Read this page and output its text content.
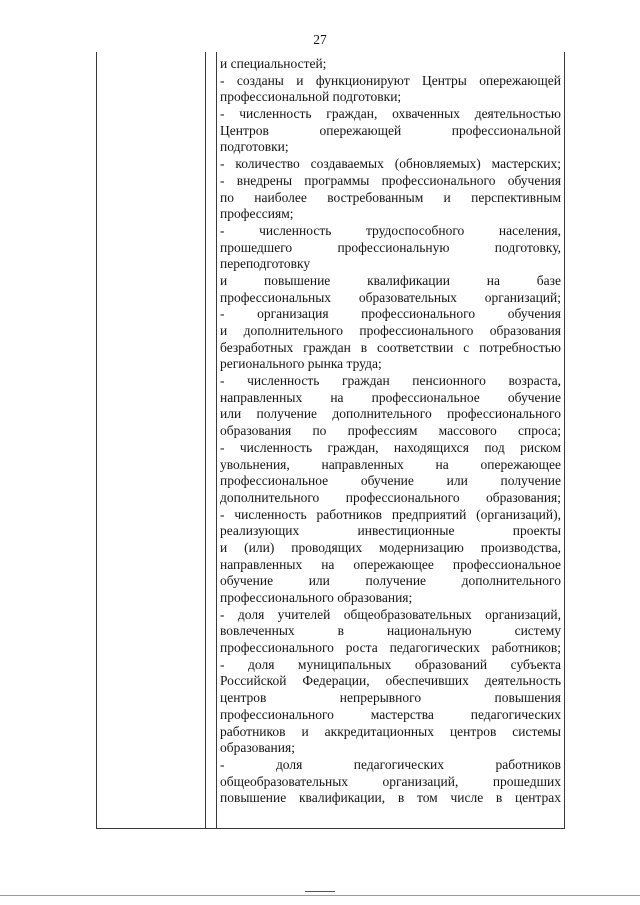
27
и специальностей;
- созданы и функционируют Центры опережающей
профессиональной подготовки;
- численность граждан, охваченных деятельностью
Центров опережающей профессиональной
подготовки;
- количество создаваемых (обновляемых) мастерских;
- внедрены программы профессионального обучения
по наиболее востребованным и перспективным
профессиям;
- численность трудоспособного населения,
прошедшего профессиональную подготовку,
переподготовку
и повышение квалификации на базе
профессиональных образовательных организаций;
- организация профессионального обучения
и дополнительного профессионального образования
безработных граждан в соответствии с потребностью
регионального рынка труда;
- численность граждан пенсионного возраста,
направленных на профессиональное обучение
или получение дополнительного профессионального
образования по профессиям массового спроса;
- численность граждан, находящихся под риском
увольнения, направленных на опережающее
профессиональное обучение или получение
дополнительного профессионального образования;
- численность работников предприятий (организаций),
реализующих инвестиционные проекты
и (или) проводящих модернизацию производства,
направленных на опережающее профессиональное
обучение или получение дополнительного
профессионального образования;
- доля учителей общеобразовательных организаций,
вовлеченных в национальную систему
профессионального роста педагогических работников;
- доля муниципальных образований субъекта
Российской Федерации, обеспечивших деятельность
центров непрерывного повышения
профессионального мастерства педагогических
работников и аккредитационных центров системы
образования;
- доля педагогических работников
общеобразовательных организаций, прошедших
повышение квалификации, в том числе в центрах
